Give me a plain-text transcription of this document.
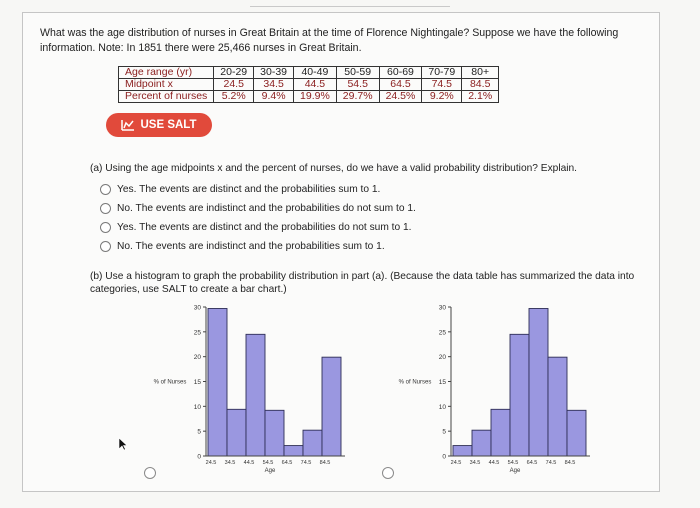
What was the age distribution of nurses in Great Britain at the time of Florence Nightingale? Suppose we have the following
information. Note: In 1851 there were 25,466 nurses in Great Britain.
Age range (yr)	20-29	30-39	40-49	50-59	60-69	70-79	80+
Midpoint x	24.5	34.5	44.5	54.5	64.5	74.5	84.5
Percent of nurses	5.2%	9.4%	19.9%	29.7%	24.5%	9.2%	2.1%
USE SALT
(a) Using the age midpoints x and the percent of nurses, do we have a valid probability distribution? Explain.
Yes. The events are distinct and the probabilities sum to 1.
No. The events are indistinct and the probabilities do not sum to 1.
Yes. The events are distinct and the probabilities do not sum to 1.
No. The events are indistinct and the probabilities sum to 1.
(b) Use a histogram to graph the probability distribution in part (a). (Because the data table has summarized the data into
categories, use SALT to create a bar chart.)
0
5
10
15
20
25
30
% of Nurses
24.5 34.5 44.5 54.5 64.5 74.5 84.5
Age
0
5
10
15
20
25
30
% of Nurses
24.5 34.5 44.5 54.5 64.5 74.5 84.5
Age
